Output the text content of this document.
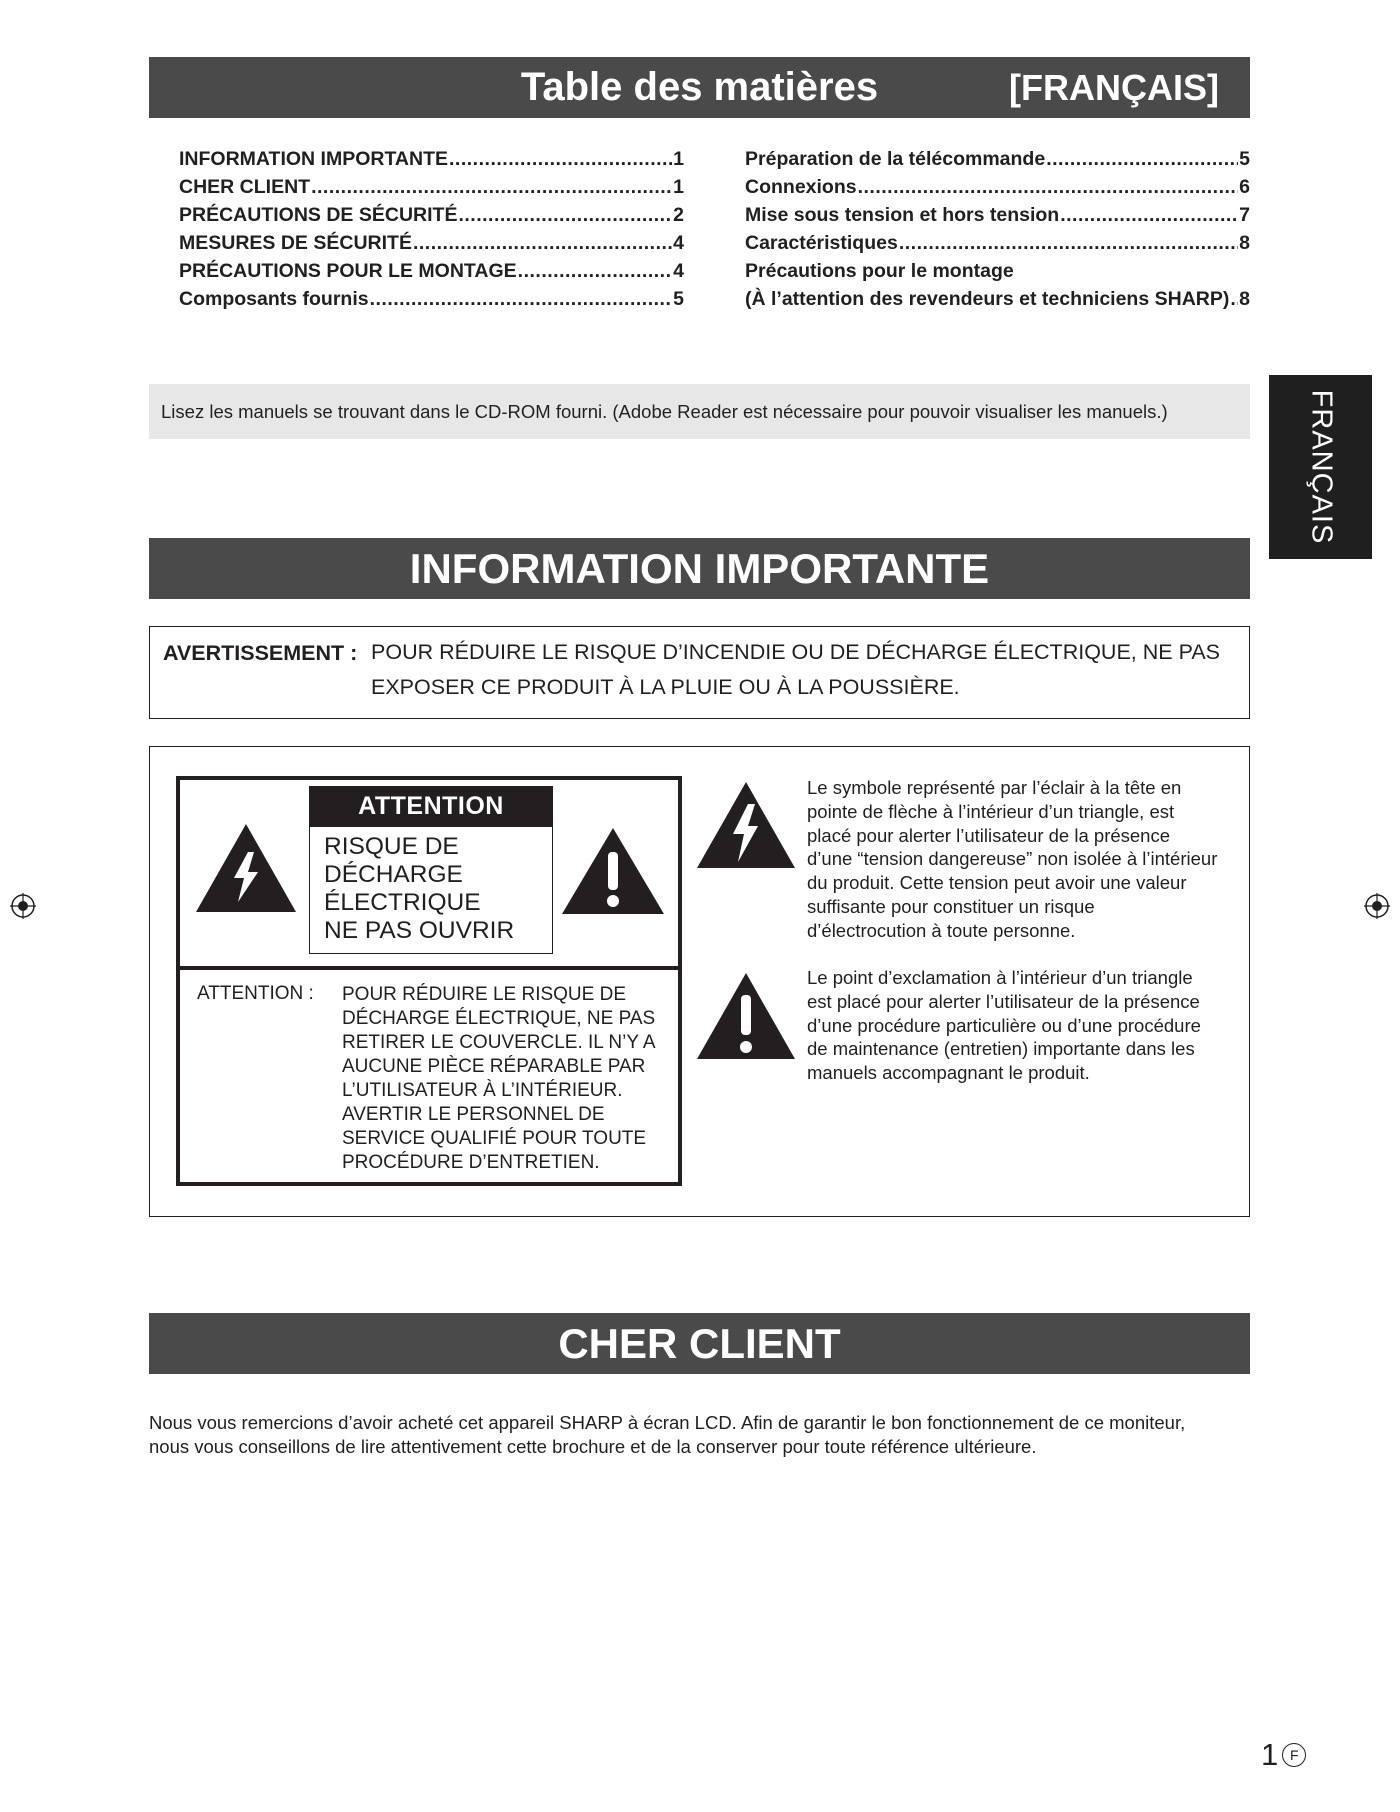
Table des matières	[FRANÇAIS]
INFORMATION IMPORTANTE .....	1
CHER CLIENT .....	1
PRÉCAUTIONS DE SÉCURITÉ .....	2
MESURES DE SÉCURITÉ .....	4
PRÉCAUTIONS POUR LE MONTAGE .....	4
Composants fournis .....	5
Préparation de la télécommande .....	5
Connexions .....	6
Mise sous tension et hors tension .....	7
Caractéristiques .....	8
Précautions pour le montage
(À l’attention des revendeurs et techniciens SHARP) ..... 8
Lisez les manuels se trouvant dans le CD-ROM fourni. (Adobe Reader est nécessaire pour pouvoir visualiser les manuels.)	FRANÇAIS
INFORMATION IMPORTANTE
AVERTISSEMENT : POUR RÉDUIRE LE RISQUE D’INCENDIE OU DE DÉCHARGE ÉLECTRIQUE, NE PAS
EXPOSER CE PRODUIT À LA PLUIE OU À LA POUSSIÈRE.
ATTENTION
RISQUE DE
DÉCHARGE
ÉLECTRIQUE
NE PAS OUVRIR
ATTENTION : POUR RÉDUIRE LE RISQUE DE
DÉCHARGE ÉLECTRIQUE, NE PAS
RETIRER LE COUVERCLE. IL N’Y A
AUCUNE PIÈCE RÉPARABLE PAR
L’UTILISATEUR À L’INTÉRIEUR.
AVERTIR LE PERSONNEL DE
SERVICE QUALIFIÉ POUR TOUTE
PROCÉDURE D’ENTRETIEN.
Le symbole représenté par l’éclair à la tête en
pointe de flèche à l’intérieur d’un triangle, est
placé pour alerter l’utilisateur de la présence
d’une “tension dangereuse” non isolée à l’intérieur
du produit. Cette tension peut avoir une valeur
suffisante pour constituer un risque
d’électrocution à toute personne.
Le point d’exclamation à l’intérieur d’un triangle
est placé pour alerter l’utilisateur de la présence
d’une procédure particulière ou d’une procédure
de maintenance (entretien) importante dans les
manuels accompagnant le produit.
CHER CLIENT
Nous vous remercions d’avoir acheté cet appareil SHARP à écran LCD. Afin de garantir le bon fonctionnement de ce moniteur,
nous vous conseillons de lire attentivement cette brochure et de la conserver pour toute référence ultérieure.
1 F
